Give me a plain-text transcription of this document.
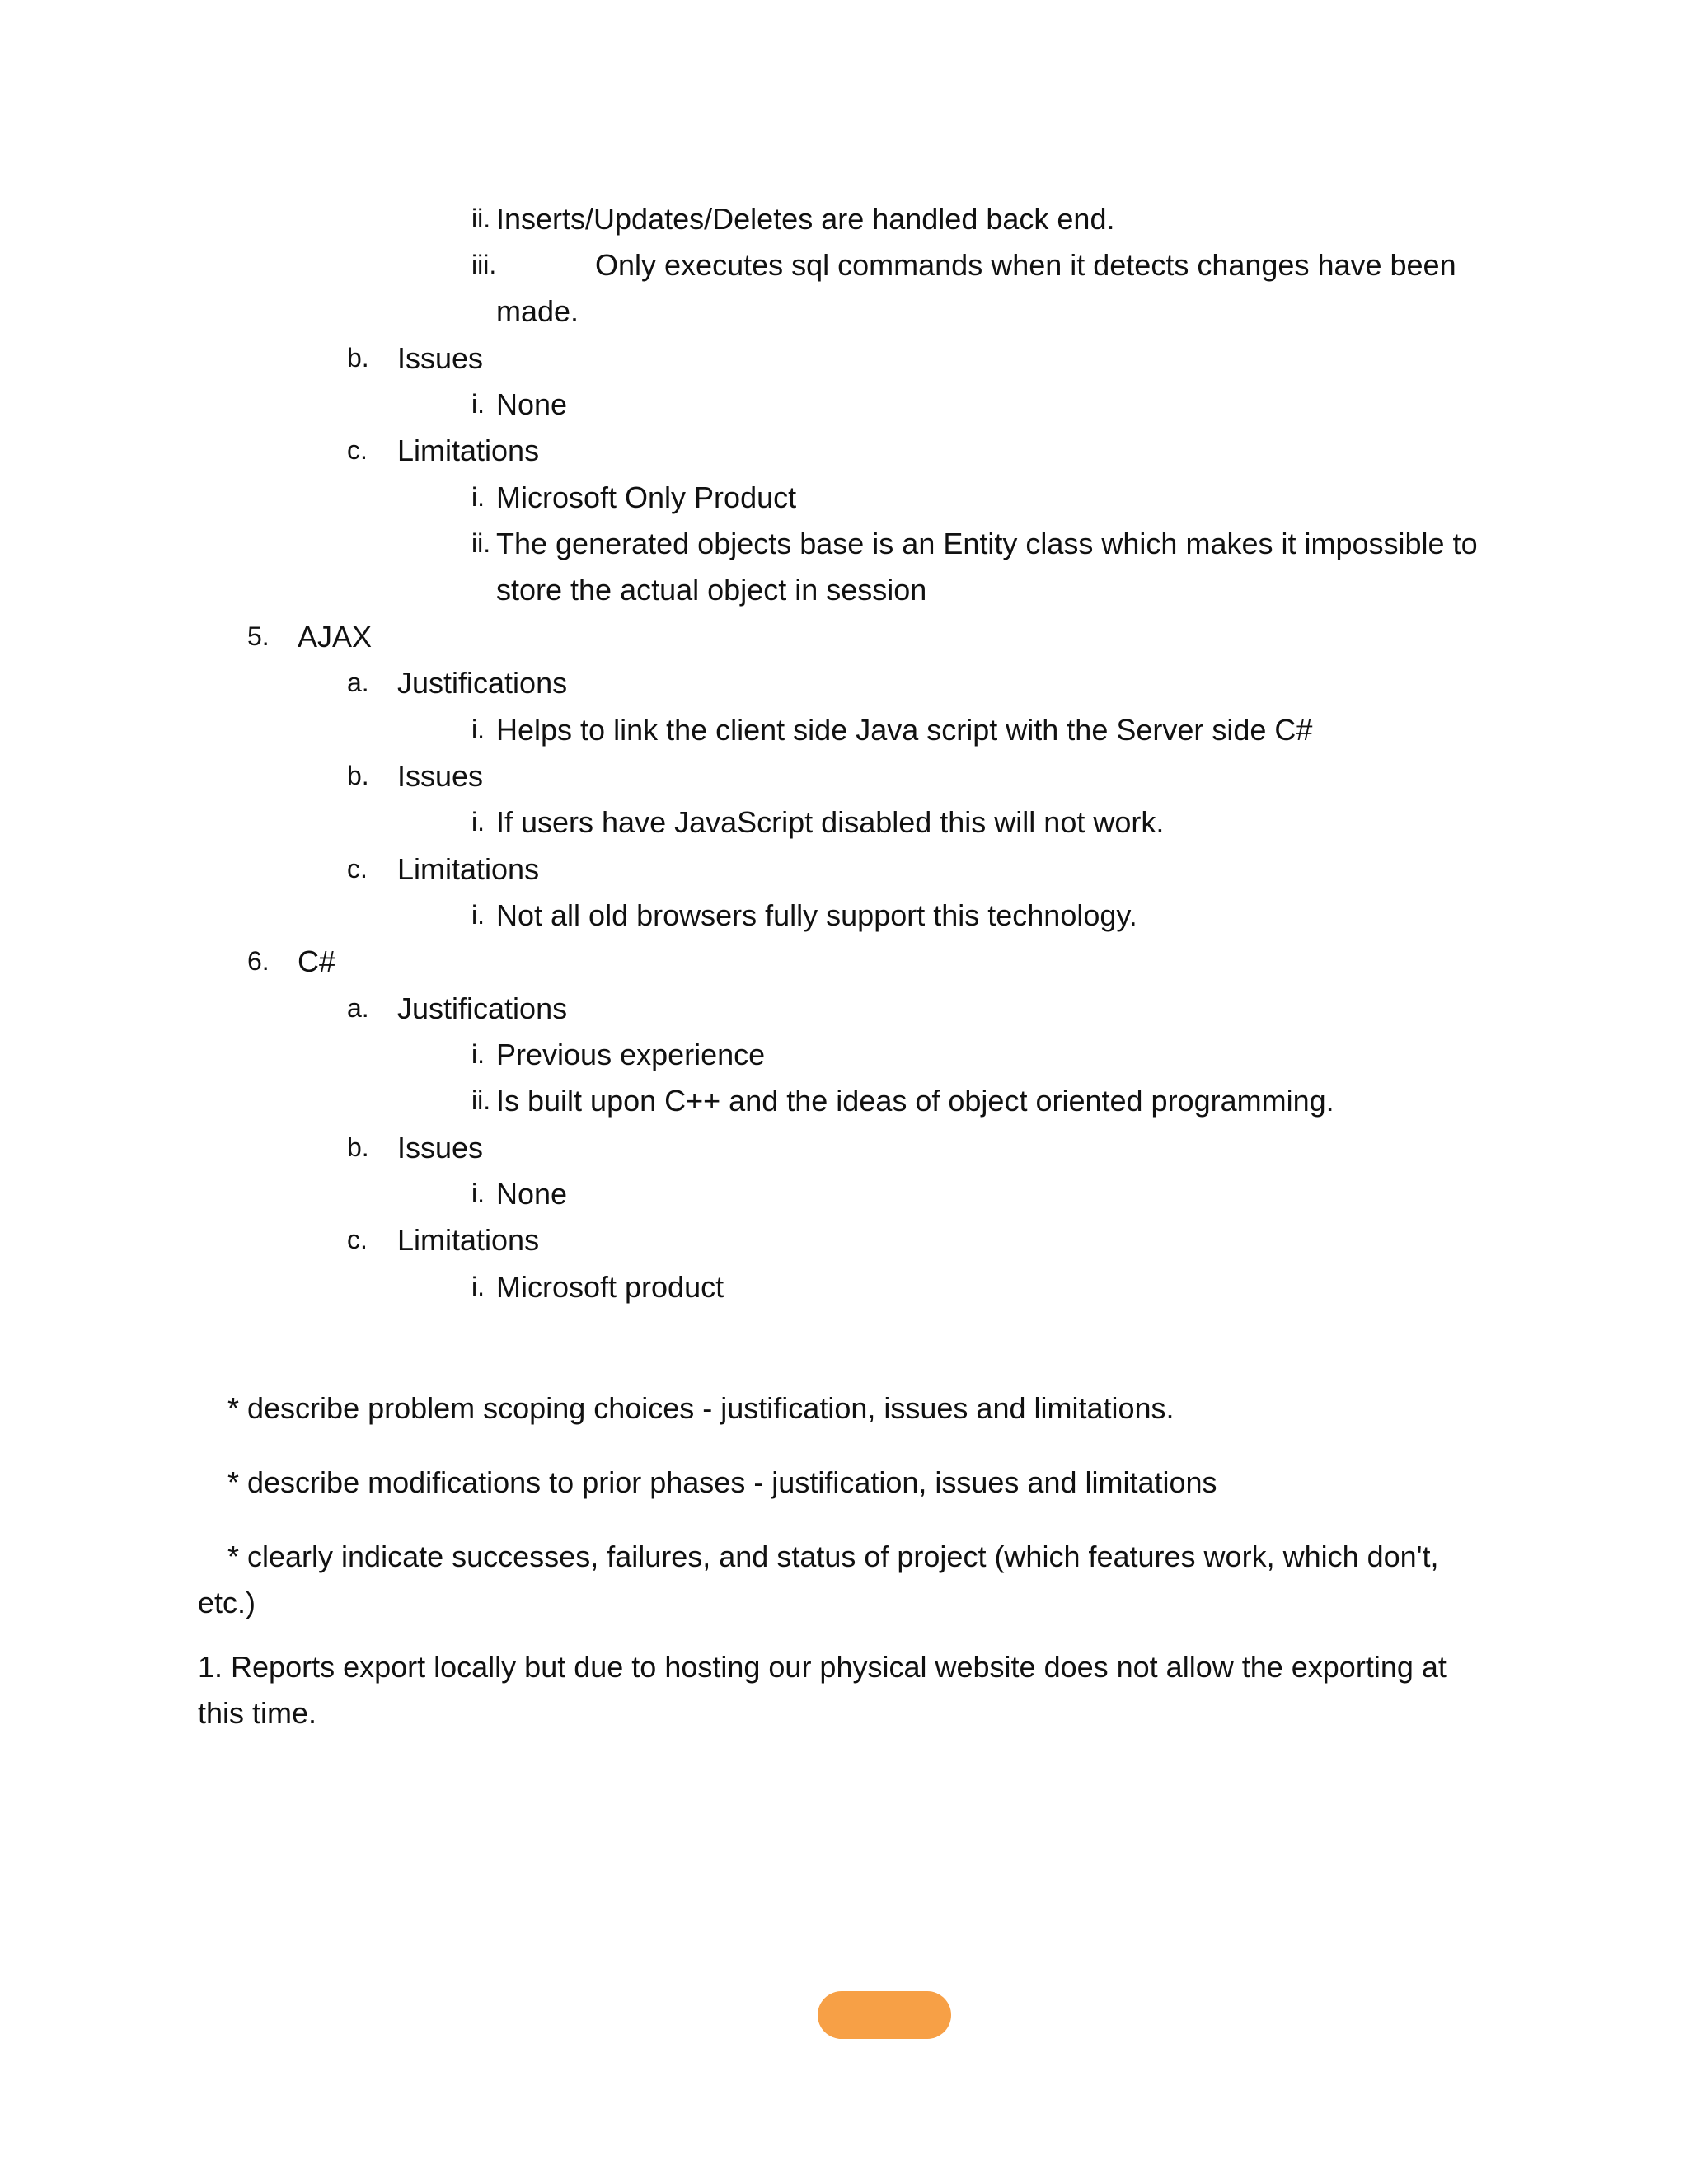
ii. Inserts/Updates/Deletes are handled back end.
iii.	Only executes sql commands when it detects changes have been
made.
b. Issues
i. None
c. Limitations
i. Microsoft Only Product
ii. The generated objects base is an Entity class which makes it impossible to
store the actual object in session
5. AJAX
a. Justifications
i. Helps to link the client side Java script with the Server side C#
b. Issues
i. If users have JavaScript disabled this will not work.
c. Limitations
i. Not all old browsers fully support this technology.
6. C#
a. Justifications
i. Previous experience
ii. Is built upon C++ and the ideas of object oriented programming.
b. Issues
i. None
c. Limitations
i. Microsoft product
* describe problem scoping choices - justification, issues and limitations.
* describe modifications to prior phases - justification, issues and limitations
* clearly indicate successes, failures, and status of project (which features work, which don't, etc.)
1. Reports export locally but due to hosting our physical website does not allow the exporting at this time.
